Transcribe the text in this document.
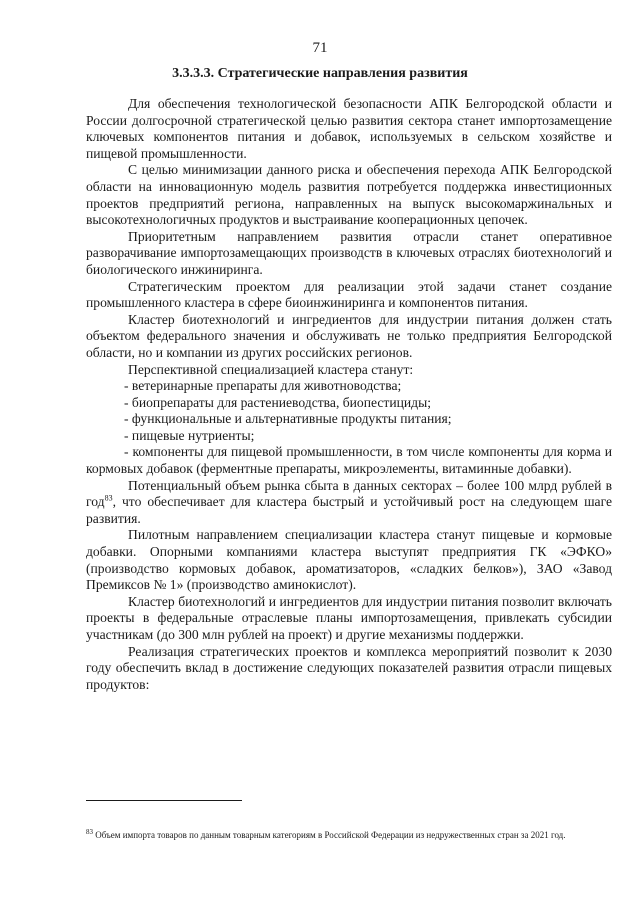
71
3.3.3.3. Стратегические направления развития

Для обеспечения технологической безопасности АПК Белгородской области и России долгосрочной стратегической целью развития сектора станет импортозамещение ключевых компонентов питания и добавок, используемых в сельском хозяйстве и пищевой промышленности.

С целью минимизации данного риска и обеспечения перехода АПК Белгородской области на инновационную модель развития потребуется поддержка инвестиционных проектов предприятий региона, направленных на выпуск высокомаржинальных и высокотехнологичных продуктов и выстраивание кооперационных цепочек.

Приоритетным направлением развития отрасли станет оперативное разворачивание импортозамещающих производств в ключевых отраслях биотехнологий и биологического инжиниринга.

Стратегическим проектом для реализации этой задачи станет создание промышленного кластера в сфере биоинжиниринга и компонентов питания.

Кластер биотехнологий и ингредиентов для индустрии питания должен стать объектом федерального значения и обслуживать не только предприятия Белгородской области, но и компании из других российских регионов.

Перспективной специализацией кластера станут:

- ветеринарные препараты для животноводства;

- биопрепараты для растениеводства, биопестициды;

- функциональные и альтернативные продукты питания;

- пищевые нутриенты;

- компоненты для пищевой промышленности, в том числе компоненты для корма и кормовых добавок (ферментные препараты, микроэлементы, витаминные добавки).

Потенциальный объем рынка сбыта в данных секторах – более 100 млрд рублей в год$^{83}$, что обеспечивает для кластера быстрый и устойчивый рост на следующем шаге развития.

Пилотным направлением специализации кластера станут пищевые и кормовые добавки. Опорными компаниями кластера выступят предприятия ГК «ЭФКО» (производство кормовых добавок, ароматизаторов, «сладких белков»), ЗАО «Завод Премиксов № 1» (производство аминокислот).

Кластер биотехнологий и ингредиентов для индустрии питания позволит включать проекты в федеральные отраслевые планы импортозамещения, привлекать субсидии участникам (до 300 млн рублей на проект) и другие механизмы поддержки.

Реализация стратегических проектов и комплекса мероприятий позволит к 2030 году обеспечить вклад в достижение следующих показателей развития отрасли пищевых продуктов:

$^{83}$ Объем импорта товаров по данным товарным категориям в Российской Федерации из недружественных стран за 2021 год.
